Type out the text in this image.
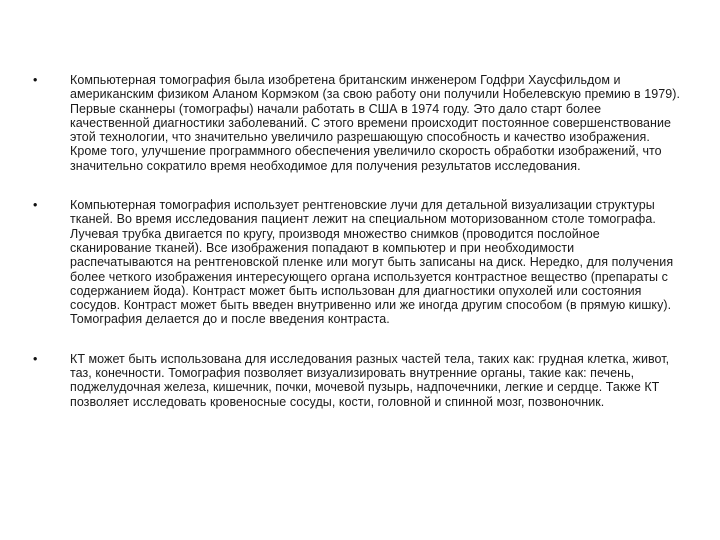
•	Компьютерная томография была изобретена британским инженером Годфри Хаусфильдом и американским физиком Аланом Кормэком (за свою работу они получили Нобелевскую премию в 1979). Первые сканнеры (томографы) начали работать в США в 1974 году. Это дало старт более качественной диагностики заболеваний. С этого времени происходит постоянное совершенствование этой технологии, что значительно увеличило разрешающую способность и качество изображения. Кроме того, улучшение программного обеспечения увеличило скорость обработки изображений, что значительно сократило время необходимое для получения результатов исследования.

•	Компьютерная томография использует рентгеновские лучи для детальной визуализации структуры тканей. Во время исследования пациент лежит на специальном моторизованном столе томографа. Лучевая трубка двигается по кругу, производя множество снимков (проводится послойное сканирование тканей). Все изображения попадают в компьютер и при необходимости распечатываются на рентгеновской пленке или могут быть записаны на диск. Нередко, для получения более четкого изображения интересующего органа используется контрастное вещество (препараты с содержанием йода). Контраст может быть использован для диагностики опухолей или состояния сосудов. Контраст может быть введен внутривенно или же иногда другим способом (в прямую кишку). Томография делается до и после введения контраста.

•	КТ может быть использована для исследования разных частей тела, таких как: грудная клетка, живот, таз, конечности. Томография позволяет визуализировать внутренние органы, такие как: печень, поджелудочная железа, кишечник, почки, мочевой пузырь, надпочечники, легкие и сердце. Также КТ позволяет исследовать кровеносные сосуды, кости, головной и спинной мозг, позвоночник.
